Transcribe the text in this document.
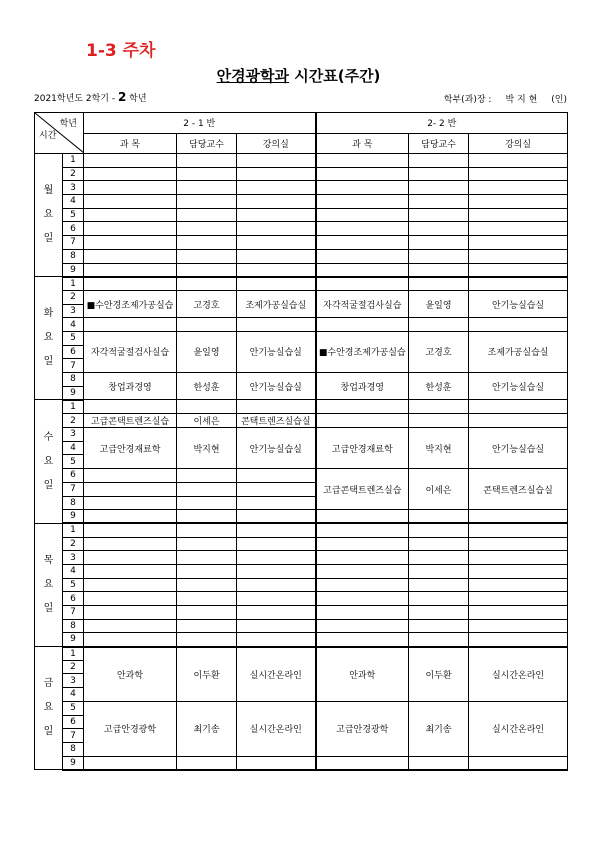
1-3 주차
안경광학과 시간표(주간)
2021학년도 2학기 - 2 학년	학부(과)장 : 박 지 현 (인)
학년
시간		2 - 1 반			2- 2 반		
		과 목	담당교수	강의실	과 목	담당교수	강의실
월
요
일	1						
	2						
	3						
	4						
	5						
	6						
	7						
	8						
	9						
화
요
일	1						
	2	■수안경조제가공실습	고경호	조제가공실습실	자각적굴절검사실습	윤일영	안기능실습실
	3						
	4						
	5	자각적굴절검사실습	윤일영	안기능실습실	■수안경조제가공실습	고경호	조제가공실습실
	6						
	7						
	8	창업과경영	한성훈	안기능실습실	창업과경영	한성훈	안기능실습실
	9						
수
요
일	1						
	2	고급콘택트렌즈실습	이세은	콘택트렌즈실습실			
	3	고급안경재료학	박지현	안기능실습실	고급안경재료학	박지현	안기능실습실
	4						
	5						
	6				고급콘택트렌즈실습	이세은	콘택트렌즈실습실
	7						
	8						
	9						
목
요
일	1						
	2						
	3						
	4						
	5						
	6						
	7						
	8						
	9						
금
요
일	1	안과학	이두환	실시간온라인	안과학	이두환	실시간온라인
	2						
	3						
	4						
	5	고급안경광학	최기송	실시간온라인	고급안경광학	최기송	실시간온라인
	6						
	7						
	8						
	9						
